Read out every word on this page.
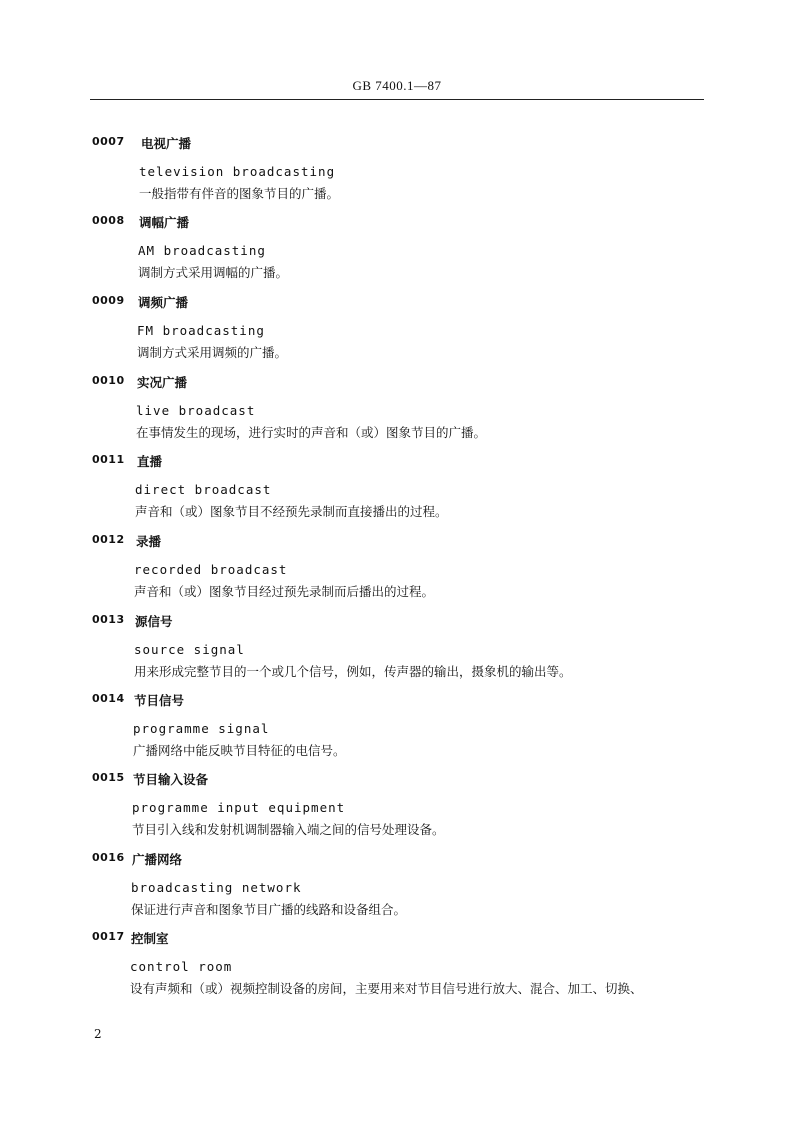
GB 7400.1—87
0007 电视广播
television broadcasting
一般指带有伴音的图象节目的广播。
0008 调幅广播
AM broadcasting
调制方式采用调幅的广播。
0009 调频广播
FM broadcasting
调制方式采用调频的广播。
0010 实况广播
live broadcast
在事情发生的现场，进行实时的声音和（或）图象节目的广播。
0011 直播
direct broadcast
声音和（或）图象节目不经预先录制而直接播出的过程。
0012 录播
recorded broadcast
声音和（或）图象节目经过预先录制而后播出的过程。
0013 源信号
source signal
用来形成完整节目的一个或几个信号，例如，传声器的输出，摄象机的输出等。
0014 节目信号
programme signal
广播网络中能反映节目特征的电信号。
0015 节目输入设备
programme input equipment
节目引入线和发射机调制器输入端之间的信号处理设备。
0016 广播网络
broadcasting network
保证进行声音和图象节目广播的线路和设备组合。
0017 控制室
control room
设有声频和（或）视频控制设备的房间，主要用来对节目信号进行放大、混合、加工、切换、
2
